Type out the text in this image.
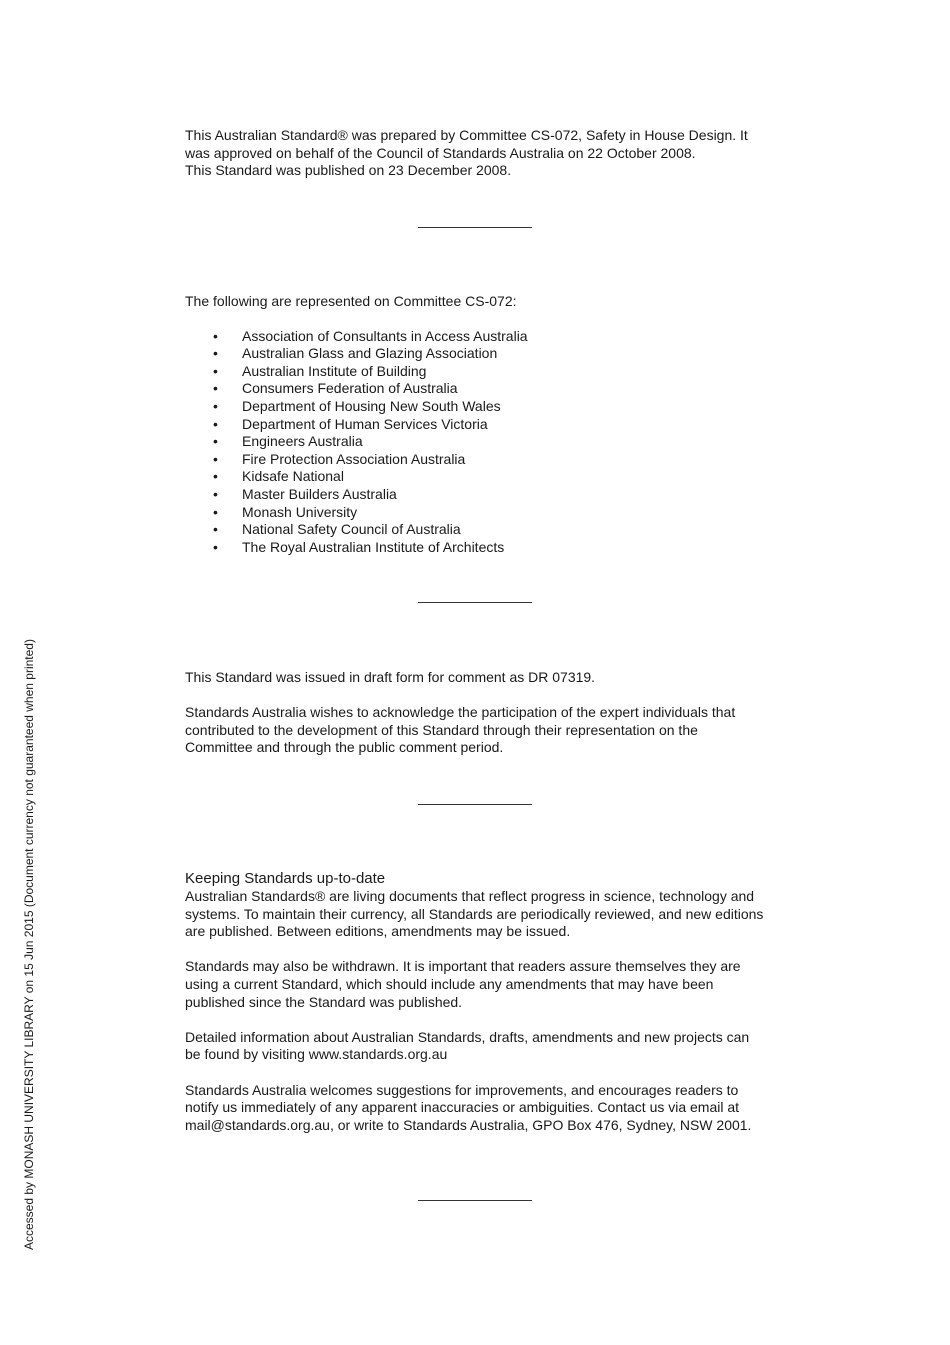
This Australian Standard® was prepared by Committee CS-072, Safety in House Design. It

was approved on behalf of the Council of Standards Australia on 22 October 2008.

This Standard was published on 23 December 2008.

The following are represented on Committee CS-072:

• Association of Consultants in Access Australia
• Australian Glass and Glazing Association
• Australian Institute of Building
• Consumers Federation of Australia
• Department of Housing New South Wales
• Department of Human Services Victoria
• Engineers Australia
• Fire Protection Association Australia
• Kidsafe National
• Master Builders Australia
• Monash University
• National Safety Council of Australia
• The Royal Australian Institute of Architects

This Standard was issued in draft form for comment as DR 07319.

Standards Australia wishes to acknowledge the participation of the expert individuals that

contributed to the development of this Standard through their representation on the

Committee and through the public comment period.

Keeping Standards up-to-date

Australian Standards® are living documents that reflect progress in science, technology and

systems. To maintain their currency, all Standards are periodically reviewed, and new editions

are published. Between editions, amendments may be issued.

Standards may also be withdrawn. It is important that readers assure themselves they are

using a current Standard, which should include any amendments that may have been

published since the Standard was published.

Detailed information about Australian Standards, drafts, amendments and new projects can

be found by visiting www.standards.org.au

Standards Australia welcomes suggestions for improvements, and encourages readers to

notify us immediately of any apparent inaccuracies or ambiguities. Contact us via email at

mail@standards.org.au, or write to Standards Australia, GPO Box 476, Sydney, NSW 2001.

Accessed by MONASH UNIVERSITY LIBRARY on 15 Jun 2015 (Document currency not guaranteed when printed)
